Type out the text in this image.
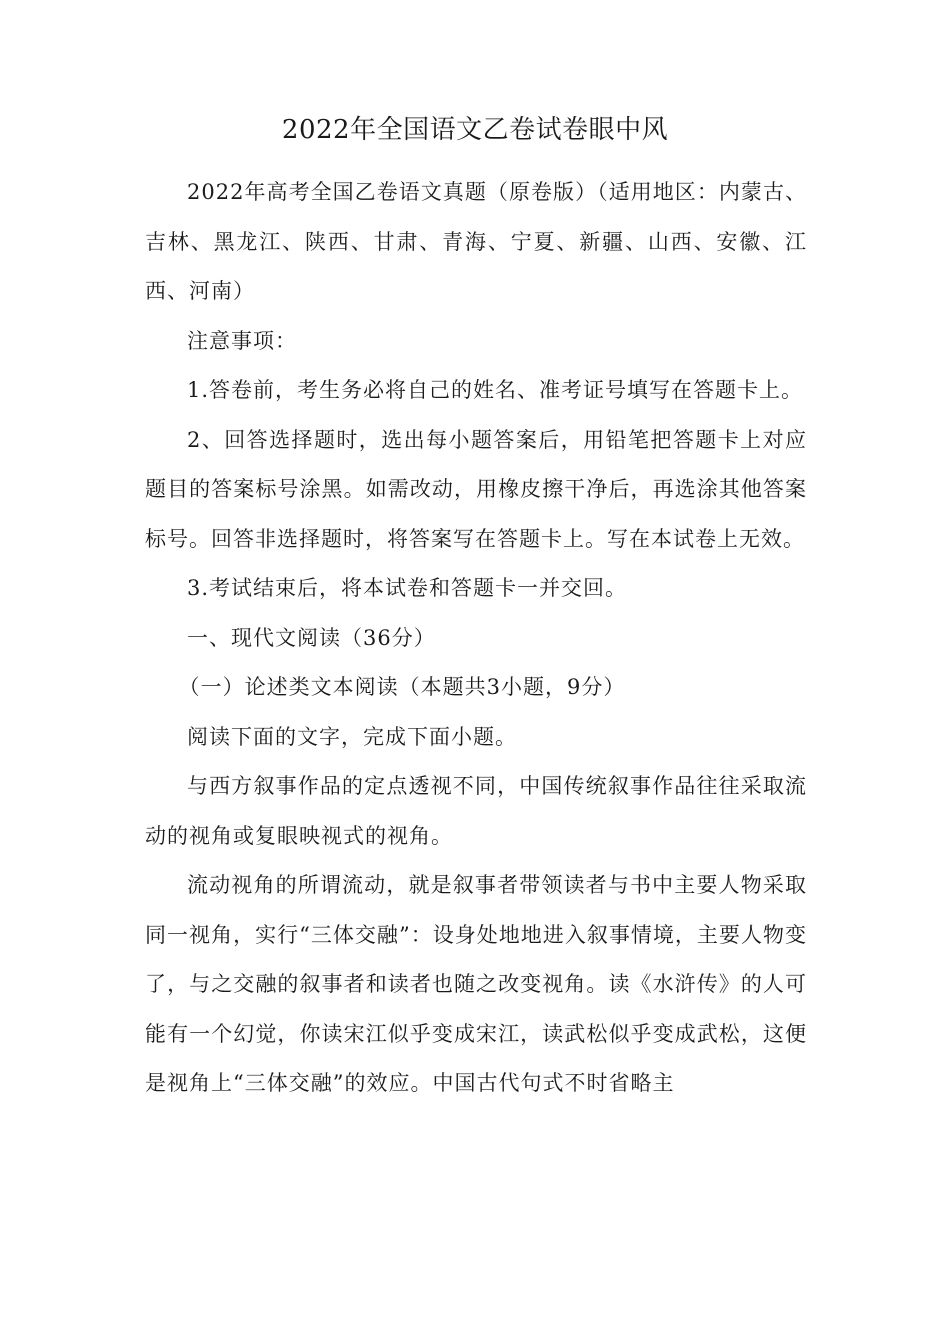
2022年全国语文乙卷试卷眼中风

2022年高考全国乙卷语文真题（原卷版）（适用地区：内蒙古、吉林、黑龙江、陕西、甘肃、青海、宁夏、新疆、山西、安徽、江西、河南）

注意事项：

1.答卷前，考生务必将自己的姓名、准考证号填写在答题卡上。

2、回答选择题时，选出每小题答案后，用铅笔把答题卡上对应题目的答案标号涂黑。如需改动，用橡皮擦干净后，再选涂其他答案标号。回答非选择题时，将答案写在答题卡上。写在本试卷上无效。

3.考试结束后，将本试卷和答题卡一并交回。

一、现代文阅读（36分）

（一）论述类文本阅读（本题共3小题，9分）

阅读下面的文字，完成下面小题。

与西方叙事作品的定点透视不同，中国传统叙事作品往往采取流动的视角或复眼映视式的视角。

流动视角的所谓流动，就是叙事者带领读者与书中主要人物采取同一视角，实行“三体交融”：设身处地地进入叙事情境，主要人物变了，与之交融的叙事者和读者也随之改变视角。读《水浒传》的人可能有一个幻觉，你读宋江似乎变成宋江，读武松似乎变成武松，这便是视角上“三体交融”的效应。中国古代句式不时省略主
